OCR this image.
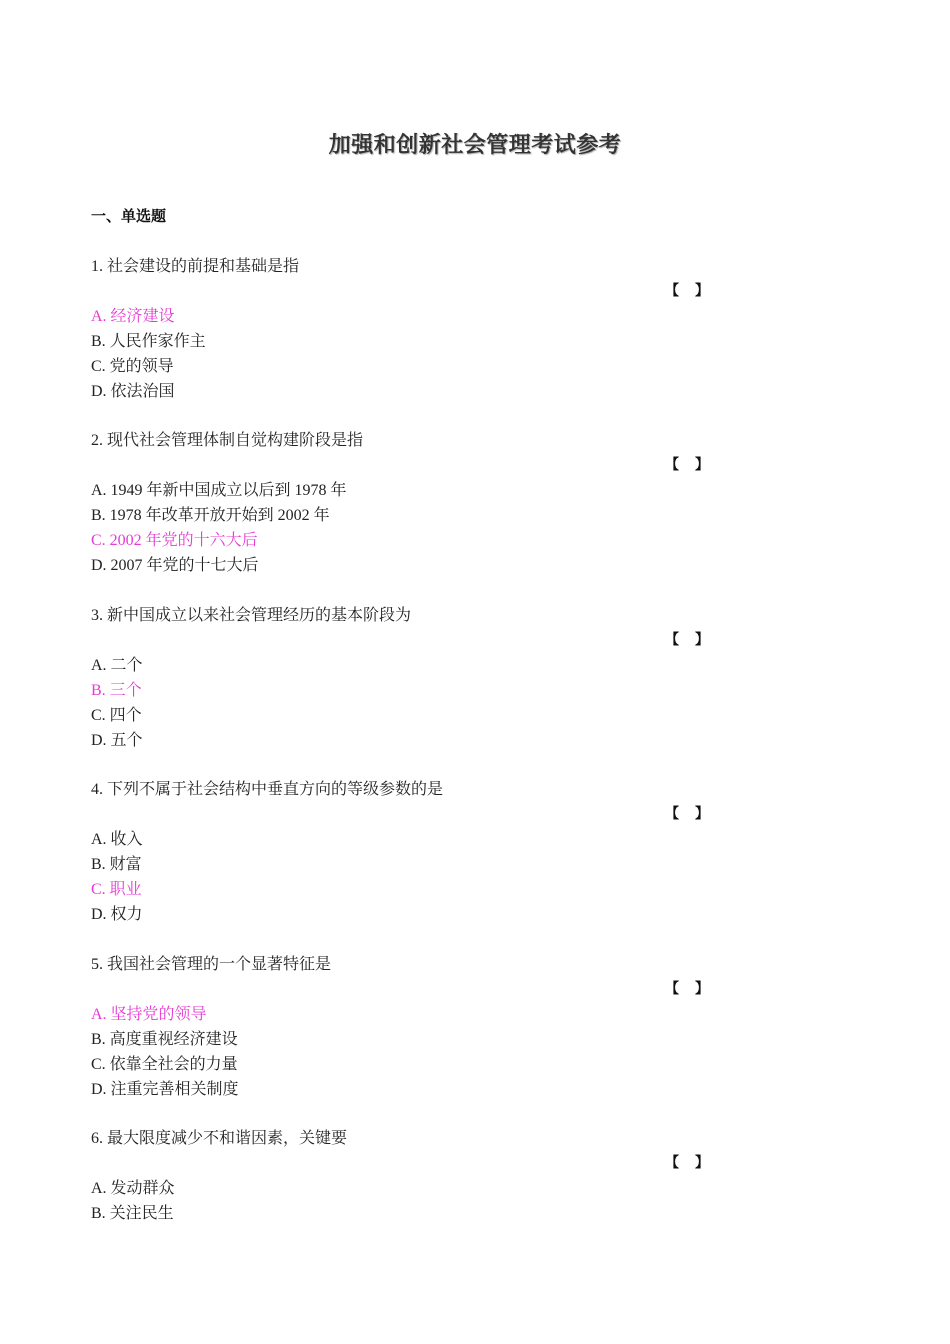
加强和创新社会管理考试参考
一、单选题
1. 社会建设的前提和基础是指
【 】
A. 经济建设
B. 人民作家作主
C. 党的领导
D. 依法治国
2. 现代社会管理体制自觉构建阶段是指
【 】
A. 1949 年新中国成立以后到 1978 年
B. 1978 年改革开放开始到 2002 年
C. 2002 年党的十六大后
D. 2007 年党的十七大后
3. 新中国成立以来社会管理经历的基本阶段为
【 】
A. 二个
B. 三个
C. 四个
D. 五个
4. 下列不属于社会结构中垂直方向的等级参数的是
【 】
A. 收入
B. 财富
C. 职业
D. 权力
5. 我国社会管理的一个显著特征是
【 】
A. 坚持党的领导
B. 高度重视经济建设
C. 依靠全社会的力量
D. 注重完善相关制度
6. 最大限度减少不和谐因素，关键要
【 】
A. 发动群众
B. 关注民生
